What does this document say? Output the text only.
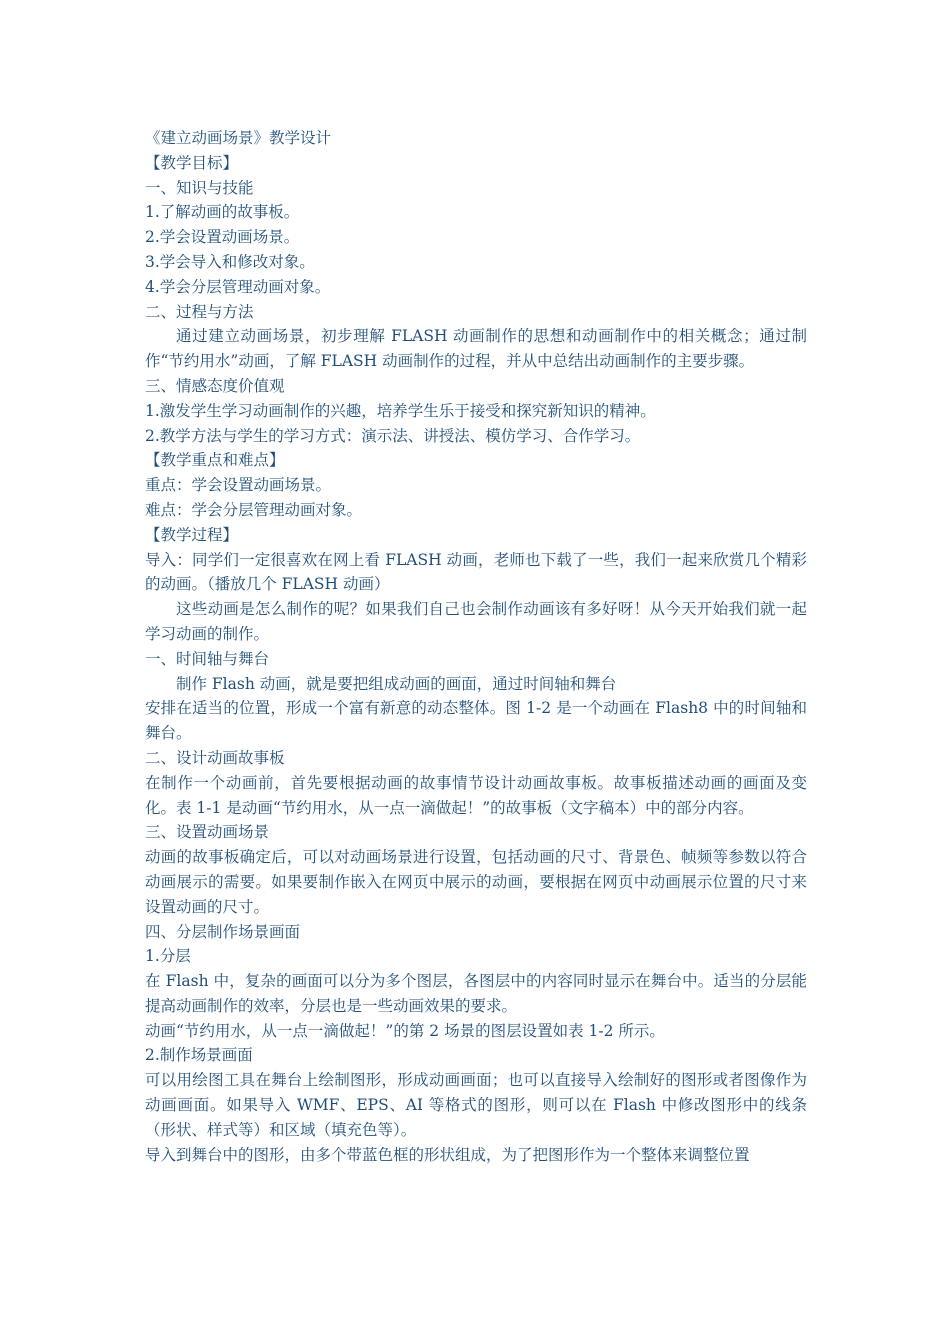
《建立动画场景》教学设计

【教学目标】

一、知识与技能

1.了解动画的故事板。

2.学会设置动画场景。

3.学会导入和修改对象。

4.学会分层管理动画对象。

二、过程与方法

通过建立动画场景，初步理解 FLASH 动画制作的思想和动画制作中的相关概念；通过制作“节约用水”动画，了解 FLASH 动画制作的过程，并从中总结出动画制作的主要步骤。

三、情感态度价值观

1.激发学生学习动画制作的兴趣，培养学生乐于接受和探究新知识的精神。

2.教学方法与学生的学习方式：演示法、讲授法、模仿学习、合作学习。

【教学重点和难点】

重点：学会设置动画场景。

难点：学会分层管理动画对象。

【教学过程】

导入：同学们一定很喜欢在网上看 FLASH 动画，老师也下载了一些，我们一起来欣赏几个精彩的动画。（播放几个 FLASH 动画）

这些动画是怎么制作的呢？如果我们自己也会制作动画该有多好呀！从今天开始我们就一起学习动画的制作。

一、时间轴与舞台

制作 Flash 动画，就是要把组成动画的画面，通过时间轴和舞台

安排在适当的位置，形成一个富有新意的动态整体。图 1-2 是一个动画在 Flash8 中的时间轴和舞台。

二、设计动画故事板

在制作一个动画前，首先要根据动画的故事情节设计动画故事板。故事板描述动画的画面及变化。表 1-1 是动画“节约用水，从一点一滴做起！”的故事板（文字稿本）中的部分内容。

三、设置动画场景

动画的故事板确定后，可以对动画场景进行设置，包括动画的尺寸、背景色、帧频等参数以符合动画展示的需要。如果要制作嵌入在网页中展示的动画，要根据在网页中动画展示位置的尺寸来设置动画的尺寸。

四、分层制作场景画面

1.分层

在 Flash 中，复杂的画面可以分为多个图层，各图层中的内容同时显示在舞台中。适当的分层能提高动画制作的效率，分层也是一些动画效果的要求。

动画“节约用水，从一点一滴做起！”的第 2 场景的图层设置如表 1-2 所示。

2.制作场景画面

可以用绘图工具在舞台上绘制图形，形成动画画面；也可以直接导入绘制好的图形或者图像作为动画画面。如果导入 WMF、EPS、AI 等格式的图形，则可以在 Flash 中修改图形中的线条（形状、样式等）和区域（填充色等）。

导入到舞台中的图形，由多个带蓝色框的形状组成，为了把图形作为一个整体来调整位置
